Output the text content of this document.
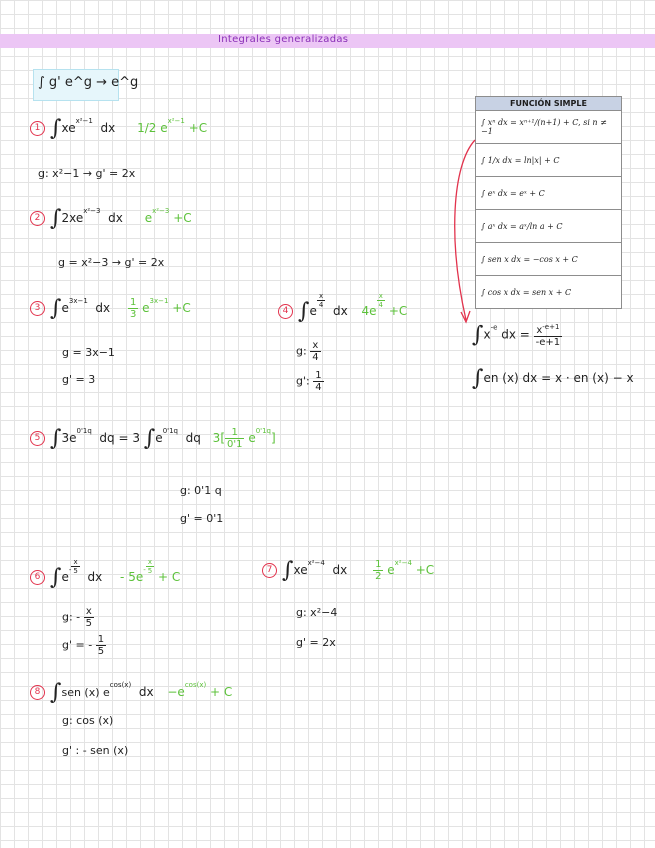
Integrales generalizadas
∫ g' e^g → e^g
FUNCIÓN SIMPLE
∫ xⁿ dx = xⁿ⁺¹/(n+1) + C, si n ≠ −1
∫ 1/x dx = ln|x| + C
∫ eˣ dx = eˣ + C
∫ aˣ dx = aˣ/ln a + C
∫ sen x dx = −cos x + C
∫ cos x dx = sen x + C
$\int x^{-e}$ dx = $\frac{x^{-e+1}}{-e+1}$
∫en (x) dx = x · en (x) − x
1 $\int xe^{x^2-1}$ dx 1/2 $e^{x^2-1} +C$
g: x²−1 → g' = 2x
2 $\int 2xe^{x^2-3}$ dx $e^{x^2-3} +C$
g = x²−3 → g' = 2x
3 $\int e^{3x-1}$ dx $\frac{1}{3} e^{3x-1} +C$
g = 3x−1
g' = 3
4 ∫e
$\frac{x}{4}$
dx 4e
$\frac{x}{4}$
+C
g: $\frac{x}{4}$
g': $\frac{1}{4}$
5 $\int 3e^{0'1q}$ dq = 3 $\int e^{0'1q}$ dq $3[ \frac{1}{0'1} e^{0'1q}]$
g: 0'1 q
g' = 0'1
6 $\int e^- \frac{x}{5}$
dx - $5e^- \frac{x}{5}$
+ C
g: - $\frac{x}{5}$
g' = - $\frac{1}{5}$
7 $\int xe^{x^2-4}$ dx	$\frac{1}{2} e^{x^2-4} +C$
g: x²−4
g' = 2x
8 ∫sen (x) $e^{cos(x)}$ dx $-e^{cos(x)} + C$
g: cos (x)
g' : - sen (x)
